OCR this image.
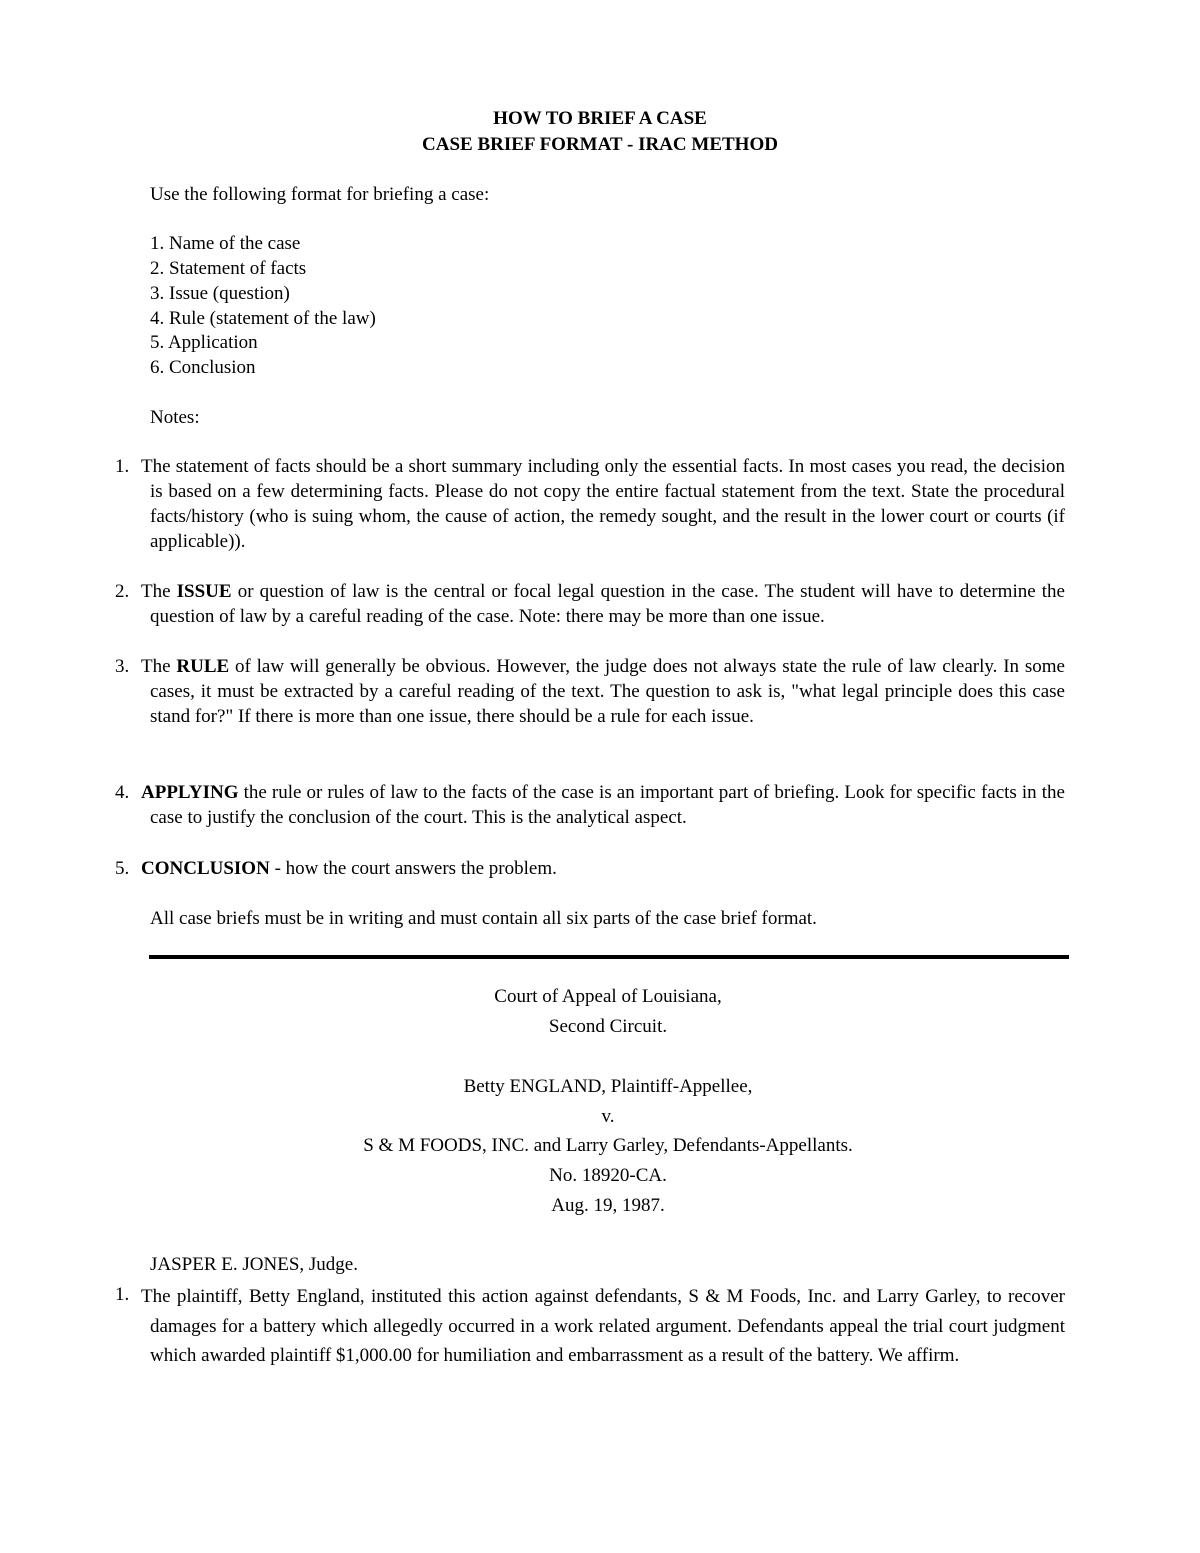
HOW TO BRIEF A CASE
CASE BRIEF FORMAT - IRAC METHOD
Use the following format for briefing a case:
1. Name of the case
2. Statement of facts
3. Issue (question)
4. Rule (statement of the law)
5. Application
6. Conclusion
Notes:
1. The statement of facts should be a short summary including only the essential facts. In most cases you read, the decision is based on a few determining facts. Please do not copy the entire factual statement from the text. State the procedural facts/history (who is suing whom, the cause of action, the remedy sought, and the result in the lower court or courts (if applicable)).
2. The ISSUE or question of law is the central or focal legal question in the case. The student will have to determine the question of law by a careful reading of the case. Note: there may be more than one issue.
3. The RULE of law will generally be obvious. However, the judge does not always state the rule of law clearly. In some cases, it must be extracted by a careful reading of the text. The question to ask is, "what legal principle does this case stand for?" If there is more than one issue, there should be a rule for each issue.
4. APPLYING the rule or rules of law to the facts of the case is an important part of briefing. Look for specific facts in the case to justify the conclusion of the court. This is the analytical aspect.
5. CONCLUSION - how the court answers the problem.
All case briefs must be in writing and must contain all six parts of the case brief format.
Court of Appeal of Louisiana,
Second Circuit.
Betty ENGLAND, Plaintiff-Appellee,
v.
S & M FOODS, INC. and Larry Garley, Defendants-Appellants.
No. 18920-CA.
Aug. 19, 1987.
JASPER E. JONES, Judge.
1. The plaintiff, Betty England, instituted this action against defendants, S & M Foods, Inc. and Larry Garley, to recover damages for a battery which allegedly occurred in a work related argument. Defendants appeal the trial court judgment which awarded plaintiff $1,000.00 for humiliation and embarrassment as a result of the battery. We affirm.
